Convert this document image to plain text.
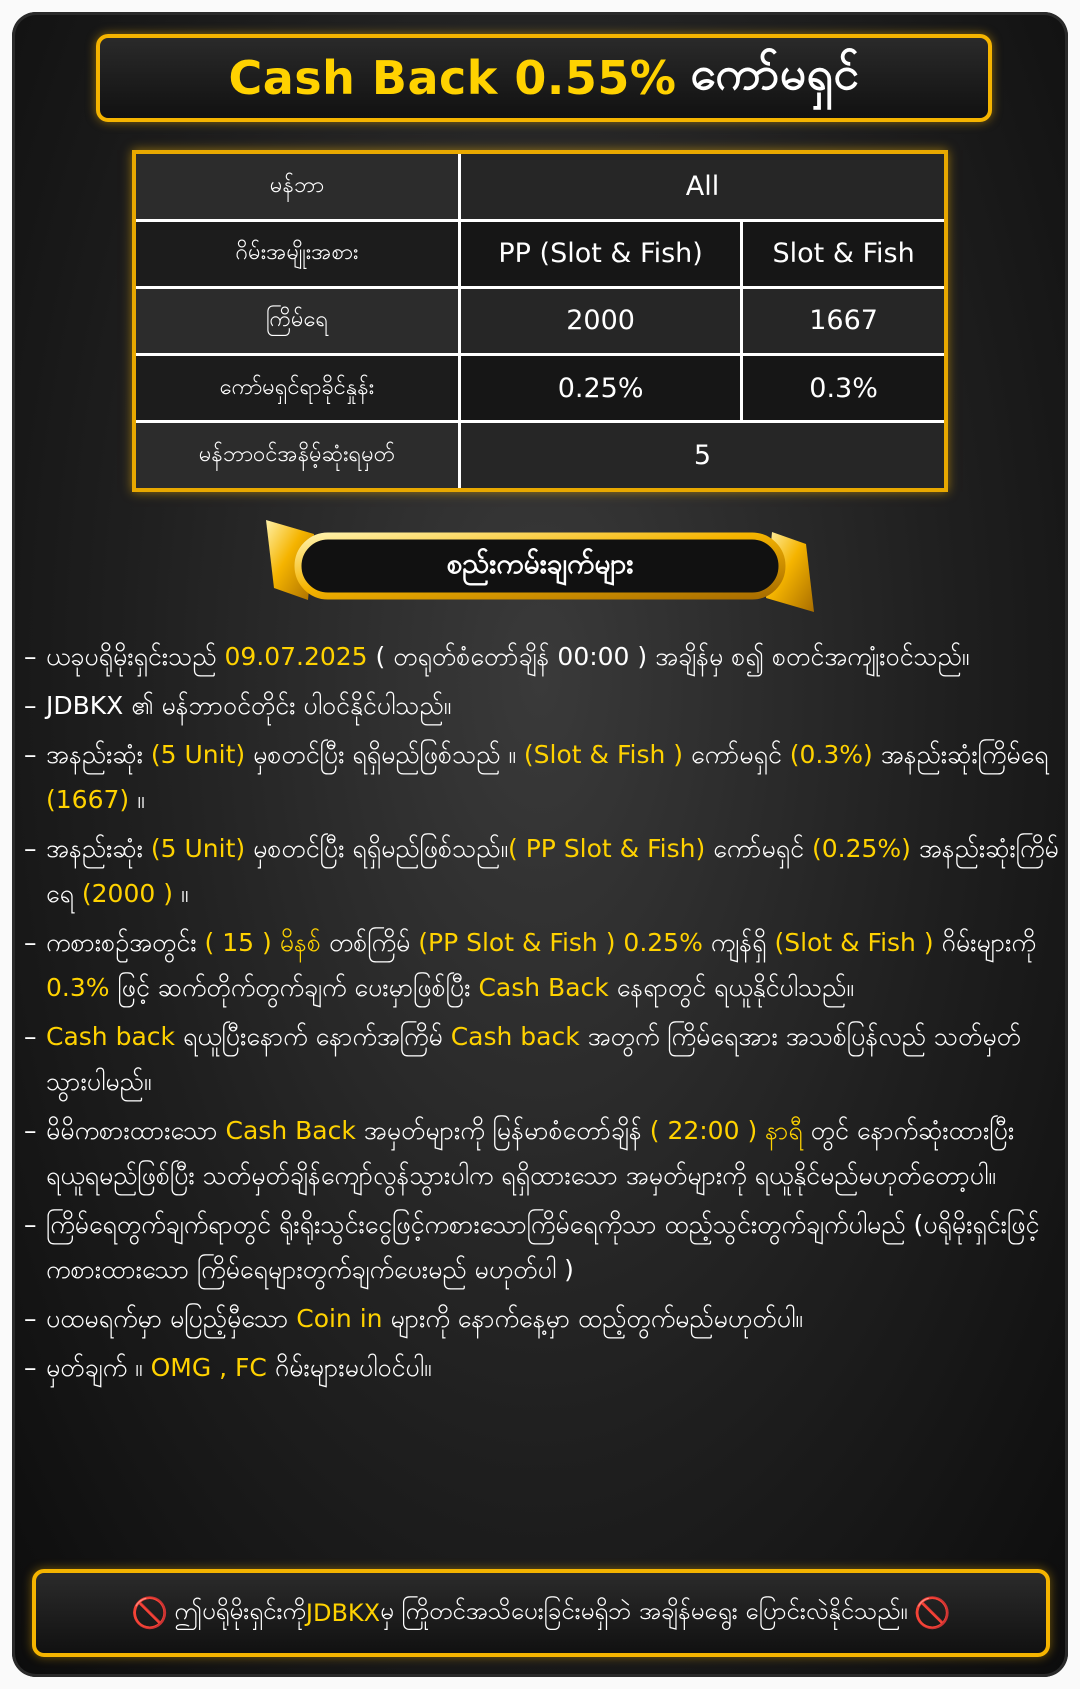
Cash Back 0.55% ကော်မရှင်
မန်ဘာ	All	
ဂိမ်းအမျိုးအစား	PP (Slot & Fish)	Slot & Fish
ကြိမ်ရေ	2000	1667
ကော်မရှင်ရာခိုင်နှုန်း	0.25%	0.3%
မန်ဘာဝင်အနိမ့်ဆုံးရမှတ်	5	
စည်းကမ်းချက်များ
– ယခုပရိုမိုးရှင်းသည် 09.07.2025 ( တရုတ်စံတော်ချိန် 00:00 ) အချိန်မှ စ၍ စတင်အကျုံးဝင်သည်။
– JDBKX ၏ မန်ဘာဝင်တိုင်း ပါဝင်နိုင်ပါသည်။
– အနည်းဆုံး (5 Unit) မှစတင်ပြီး ရရှိမည်ဖြစ်သည် ။ (Slot & Fish ) ကော်မရှင် (0.3%) အနည်းဆုံးကြိမ်ရေ (1667) ။
– အနည်းဆုံး (5 Unit) မှစတင်ပြီး ရရှိမည်ဖြစ်သည်။( PP Slot & Fish) ကော်မရှင် (0.25%) အနည်းဆုံးကြိမ်ရေ (2000 ) ။
– ကစားစဥ်အတွင်း ( 15 ) မိနစ် တစ်ကြိမ် (PP Slot & Fish ) 0.25% ကျန်ရှိ (Slot & Fish ) ဂိမ်းများကို 0.3% ဖြင့် ဆက်တိုက်တွက်ချက် ပေးမှာဖြစ်ပြီး Cash Back နေရာတွင် ရယူနိုင်ပါသည်။
– Cash back ရယူပြီးနောက် နောက်အကြိမ် Cash back အတွက် ကြိမ်ရေအား အသစ်ပြန်လည် သတ်မှတ်သွားပါမည်။
– မိမိကစားထားသော Cash Back အမှတ်များကို မြန်မာစံတော်ချိန် ( 22:00 ) နာရီ တွင် နောက်ဆုံးထားပြီး ရယူရမည်ဖြစ်ပြီး သတ်မှတ်ချိန်ကျော်လွန်သွားပါက ရရှိထားသော အမှတ်များကို ရယူနိုင်မည်မဟုတ်တော့ပါ။
– ကြိမ်ရေတွက်ချက်ရာတွင် ရိုးရိုးသွင်းငွေဖြင့်ကစားသောကြိမ်ရေကိုသာ ထည့်သွင်းတွက်ချက်ပါမည် (ပရိုမိုးရှင်းဖြင့်ကစားထားသော ကြိမ်ရေများတွက်ချက်ပေးမည် မဟုတ်ပါ )
– ပထမရက်မှာ မပြည့်မှီသော Coin in များကို နောက်နေ့မှာ ထည့်တွက်မည်မဟုတ်ပါ။
– မှတ်ချက် ။ OMG , FC ဂိမ်းများမပါဝင်ပါ။
🚫 ဤပရိုမိုးရှင်းကို JDBKX မှ ကြိုတင်အသိပေးခြင်းမရှိဘဲ အချိန်မရွေး ပြောင်းလဲနိုင်သည်။ 🚫
